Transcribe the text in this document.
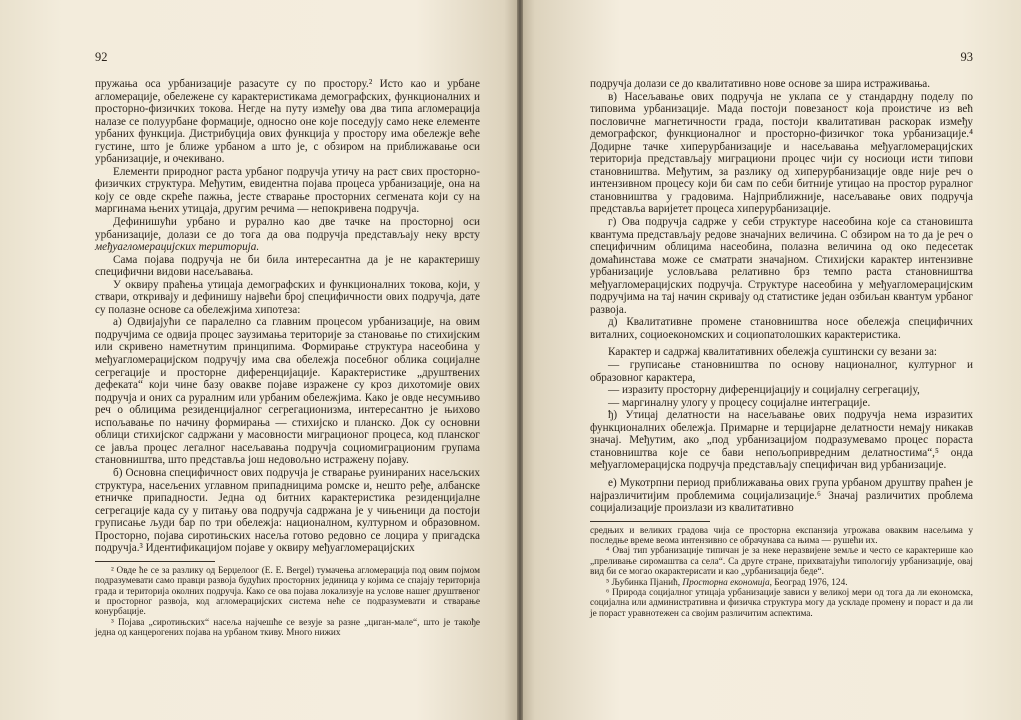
92

пружања oca урбанизације разасуте су по простору.² Исто као и урбане агломерације, обележене су карактеристикама демографских, функционалних и просторно-физичких токова. Негде на путу између ова два типа агломерација налазе се полуурбане формације, односно оне које поседују само неке елементе урбаних функција. Дистрибуција ових функција у простору има обележје веће густине, што је ближе урбаном а што је, с обзиром на приближавање оси урбанизације, и очекивано.

Елементи природног раста урбаног подручја утичу на раст свих просторно-физичких структура. Међутим, евидентна појава процеса урбанизације, она на коју се овде скреће пажња, јесте стварање просторних сегмената који су на маргинама њених утицаја, другим речима — непокривена подручја.

Дефинишући урбано и рурално као две тачке на просторној оси урбанизације, долази се до тога да ова подручја представљају неку врсту међуагломерацијских територија.

Сама појава подручја не би била интересантна да је не карактеришу специфични видови насељавања.

У оквиру праћења утицаја демографских и функционалних токова, који, у ствари, откривају и дефинишу највећи број специфичности ових подручја, дате су полазне основе са обележјима хипотеза:

а) Одвијајући се паралелно са главним процесом урбанизације, на овим подручјима се одвија процес заузимања територије за становање по стихијским или скривено наметнутим принципима. Формирање структура насеобина у међуагломерацијском подручју има сва обележја посебног облика социјалне сегрегације и просторне диференцијације. Карактеристике „друштвених дефеката“ који чине базу овакве појаве изражене су кроз дихотомије ових подручја и оних са руралним или урбаним обележјима. Како је овде несумњиво реч о облицима резиденцијалног сегрегационизма, интересантно је њихово испољавање по начину формирања — стихијско и планско. Док су основни облици стихијског садржани у масовности миграционог процеса, код планског се јавља процес легалног насељавања подручја социомиграционим групама становништва, што представља још недовољно истражену појаву.

б) Основна специфичност ових подручја је стварање руинираних насељских структура, насељених углавном припадницима ромске и, нешто ређе, албанске етничке припадности. Једна од битних карактеристика резиденцијалне сегрегације када су у питању ова подручја садржана је у чињеници да постоји груписање људи бар по три обележја: националном, културном и образовном. Просторно, појава сиротињских насеља готово редовно се лоцира у пригадска подручја.³ Идентификацијом појаве у оквиру међуагломерацијских

² Овде ће се за разлику од Берџелоог (E. E. Bergel) тумачења агломерација под овим појмом подразумевати само правци развоја будућих просторних јединица у којима се спајају територија града и територија околних подручја. Како се ова појава локализује на услове нашег друштвеног и просторног развоја, код агломерацијских система неће се подразумевати и стварање конурбације.

³ Појава „сиротињских“ насеља најчешће се везује за разне „циган-мале“, што је такође једна од канцерогених појава на урбаном ткиву. Много нижих

93

подручја долази се до квалитативно нове основе за шира истраживања.

в) Насељавање ових подручја не уклапа се у стандардну поделу по типовима урбанизације. Мада постоји повезаност која проистиче из већ пословичне магнетичности града, постоји квалитативан раскорак између демографског, функционалног и просторно-физичког тока урбанизације.⁴ Додирне тачке хиперурбанизације и насељавања међуагломерацијских територија представљају миграциони процес чији су носиоци исти типови становништва. Међутим, за разлику од хиперурбанизације овде није реч о интензивном процесу који би сам по себи битније утицао на простор руралног становништва у градовима. Најприближније, насељавање ових подручја представља варијетет процеса хиперурбанизације.

г) Ова подручја садрже у себи структуре насеобина које са становишта квантума представљају редове значајних величина. С обзиром на то да је реч о специфичним облицима насеобина, полазна величина од око педесетак домаћинстава може се сматрати значајном. Стихијски карактер интензивне урбанизације условљава релативно брз темпо раста становништва међуагломерацијских подручја. Структуре насеобина у међуагломерацијским подручјима на тај начин скривају од статистике један озбиљан квантум урбаног развоја.

д) Квалитативне промене становништва носе обележја специфичних виталних, социоекономских и социопатолошких карактеристика.

Карактер и садржај квалитативних обележја суштински су везани за:

— груписање становништва по основу националног, културног и образовног карактера,

— изразиту просторну диференцијацију и социјалну сегрегацију,

— маргиналну улогу у процесу социјалне интеграције.

ђ) Утицај делатности на насељавање ових подручја нема изразитих функционалних обележја. Примарне и терцијарне делатности немају никакав значај. Међутим, ако „под урбанизацијом подразумевамо процес пораста становништва које се бави непољопривредним делатностима“,⁵ онда међуагломерацијска подручја представљају специфичан вид урбанизације.

е) Мукотрпни период приближавања ових група урбаном друштву праћен је најразличитијим проблемима социјализације.⁶ Значај различитих проблема социјализације произлази из квалитативно

средњих и великих градова чија се просторна експанзија угрожава оваквим насељима у последње време веома интензивно се обрачунава са њима — рушећи их.

⁴ Овај тип урбанизације типичан је за неке неразвијене земље и често се карактерише као „преливање сиромаштва са села“. Са друге стране, прихватајући типологију урбанизације, овај вид би се могао окарактерисати и као „урбанизација беде“.

⁵ Љубинка Пјанић, Просторна економија, Београд 1976, 124.

⁶ Природа социјалног утицаја урбанизације зависи у великој мери од тога да ли економска, социјална или административна и физичка структура могу да ускладе промену и пораст и да ли је пораст уравнотежен са својим различитим аспектима.
